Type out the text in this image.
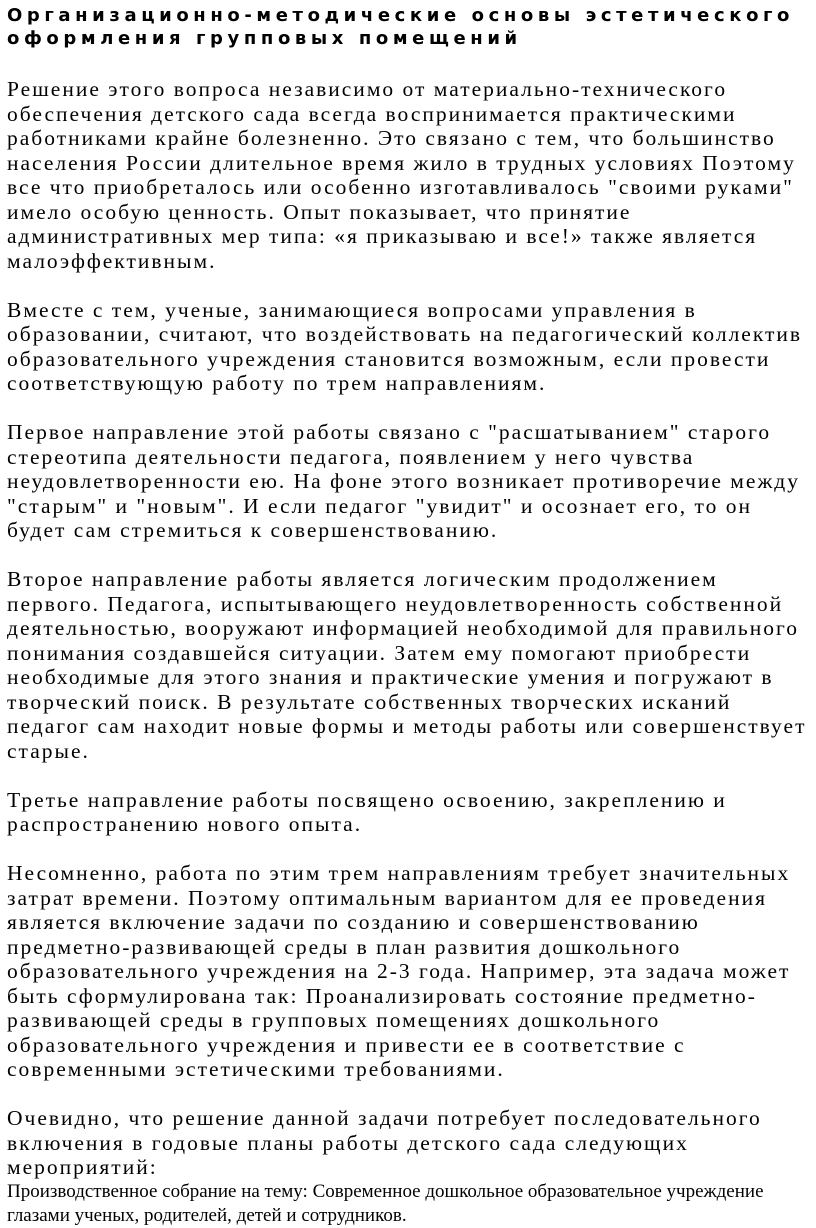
Организационно-методические основы эстетического
оформления групповых помещений

Решение этого вопроса независимо от материально-технического обеспечения детского сада всегда воспринимается практическими работниками крайне болезненно. Это связано с тем, что большинство населения России длительное время жило в трудных условиях Поэтому все что приобреталось или особенно изготавливалось "своими руками" имело особую ценность. Опыт показывает, что принятие административных мер типа: «я приказываю и все!» также является малоэффективным.

Вместе с тем, ученые, занимающиеся вопросами управления в образовании, считают, что воздействовать на педагогический коллектив образовательного учреждения становится возможным, если провести соответствующую работу по трем направлениям.

Первое направление этой работы связано с "расшатыванием" старого стереотипа деятельности педагога, появлением у него чувства неудовлетворенности ею. На фоне этого возникает противоречие между "старым" и "новым". И если педагог "увидит" и осознает его, то он будет сам стремиться к совершенствованию.

Второе направление работы является логическим продолжением первого. Педагога, испытывающего неудовлетворенность собственной деятельностью, вооружают информацией необходимой для правильного понимания создавшейся ситуации. Затем ему помогают приобрести необходимые для этого знания и практические умения и погружают в творческий поиск. В результате собственных творческих исканий педагог сам находит новые формы и методы работы или совершенствует старые.

Третье направление работы посвящено освоению, закреплению и распространению нового опыта.

Несомненно, работа по этим трем направлениям требует значительных затрат времени. Поэтому оптимальным вариантом для ее проведения является включение задачи по созданию и совершенствованию предметно-развивающей среды в план развития дошкольного образовательного учреждения на 2-3 года. Например, эта задача может быть сформулирована так: Проанализировать состояние предметно-развивающей среды в групповых помещениях дошкольного образовательного учреждения и привести ее в соответствие с современными эстетическими требованиями.

Очевидно, что решение данной задачи потребует последовательного включения в годовые планы работы детского сада следующих мероприятий:

Производственное собрание на тему: Современное дошкольное образовательное учреждение глазами ученых, родителей, детей и сотрудников.
